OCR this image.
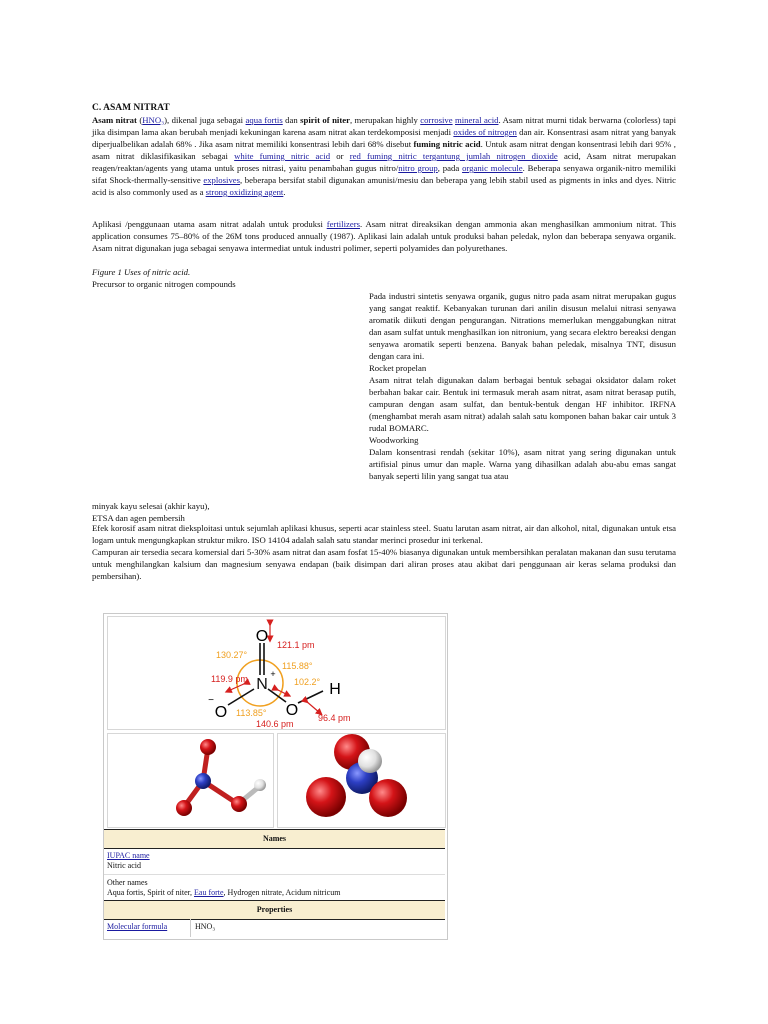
C. ASAM NITRAT

Asam nitrat (HNO₃), dikenal juga sebagai aqua fortis dan spirit of niter, merupakan highly corrosive mineral acid. Asam nitrat murni tidak berwarna (colorless) tapi jika disimpan lama akan berubah menjadi kekuningan karena asam nitrat akan terdekomposisi menjadi oxides of nitrogen dan air. Konsentrasi asam nitrat yang banyak diperjualbelikan adalah 68% . Jika asam nitrat memiliki konsentrasi lebih dari 68% disebut fuming nitric acid. Untuk asam nitrat dengan konsentrasi lebih dari 95% , asam nitrat diklasifikasikan sebagai white fuming nitric acid or red fuming nitric tergantung jumlah nitrogen dioxide acid, Asam nitrat merupakan reagen/reaktan/agents yang utama untuk proses nitrasi, yaitu penambahan gugus nitro/nitro group, pada organic molecule. Beberapa senyawa organik-nitro memiliki sifat Shock-thermally-sensitive explosives, beberapa bersifat stabil digunakan amunisi/mesiu dan beberapa yang lebih stabil used as pigments in inks and dyes. Nitric acid is also commonly used as a strong oxidizing agent.

Aplikasi /penggunaan utama asam nitrat adalah untuk produksi fertilizers. Asam nitrat direaksikan dengan ammonia akan menghasilkan ammonium nitrat. This application consumes 75–80% of the 26M tons produced annually (1987). Aplikasi lain adalah untuk produksi bahan peledak, nylon dan beberapa senyawa organik. Asam nitrat digunakan juga sebagai senyawa intermediat untuk industri polimer, seperti polyamides dan polyurethanes.

Figure 1 Uses of nitric acid.
Precursor to organic nitrogen compounds
Pada industri sintetis senyawa organik, gugus nitro pada asam nitrat merupakan gugus yang sangat reaktif. Kebanyakan turunan dari anilin disusun melalui nitrasi senyawa aromatik diikuti dengan pengurangan. Nitrations memerlukan menggabungkan nitrat dan asam sulfat untuk menghasilkan ion nitronium, yang secara elektro bereaksi dengan senyawa aromatik seperti benzena. Banyak bahan peledak, misalnya TNT, disusun dengan cara ini.
Rocket propelan
Asam nitrat telah digunakan dalam berbagai bentuk sebagai oksidator dalam roket berbahan bakar cair. Bentuk ini termasuk merah asam nitrat, asam nitrat berasap putih, campuran dengan asam sulfat, dan bentuk-bentuk dengan HF inhibitor. IRFNA (menghambat merah asam nitrat) adalah salah satu komponen bahan bakar cair untuk 3 rudal BOMARC.
Woodworking
Dalam konsentrasi rendah (sekitar 10%), asam nitrat yang sering digunakan untuk artifisial pinus umur dan maple. Warna yang dihasilkan adalah abu-abu emas sangat banyak seperti lilin yang sangat tua atau
minyak kayu selesai (akhir kayu),
ETSA dan agen pembersih

Efek korosif asam nitrat dieksploitasi untuk sejumlah aplikasi khusus, seperti acar stainless steel. Suatu larutan asam nitrat, air dan alkohol, nital, digunakan untuk etsa logam untuk mengungkapkan struktur mikro. ISO 14104 adalah salah satu standar merinci prosedur ini terkenal.

Campuran air tersedia secara komersial dari 5-30% asam nitrat dan asam fosfat 15-40% biasanya digunakan untuk membersihkan peralatan makanan dan susu terutama untuk menghilangkan kalsium dan magnesium senyawa endapan (baik disimpan dari aliran proses atau akibat dari penggunaan air keras selama produksi dan pembersihan).

O
N
O	O
H
−
+
121.1 pm
130.27°
115.88°
119.9 pm	102.2°
113.85°
140.6 pm
96.4 pm
Names
IUPAC name
Nitric acid
Other names
Aqua fortis, Spirit of niter, Eau forte, Hydrogen nitrate, Acidum nitricum
Properties
Molecular formula	HNO₃
